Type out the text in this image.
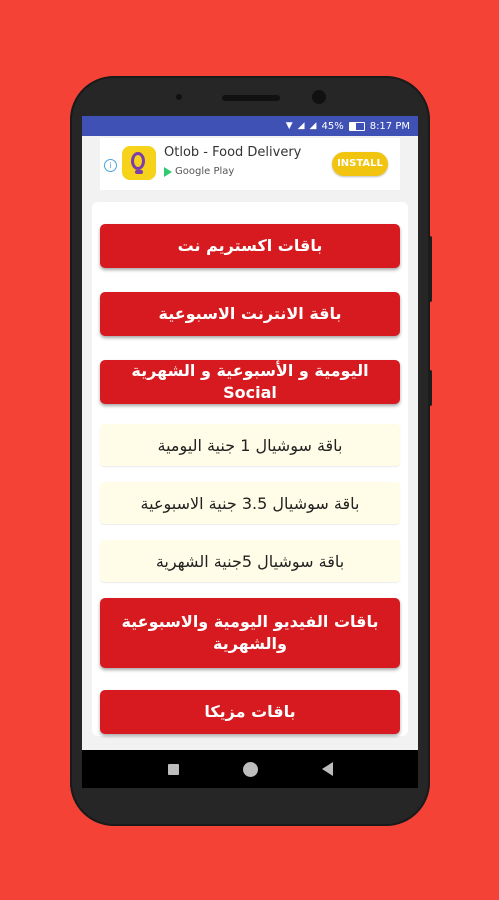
▼ ◢ ◢ 45%	8:17 PM
i
Otlob - Food Delivery
Google Play
INSTALL
باقات اكستريم نت
باقة الانترنت الاسبوعية
اليومية و الأسبوعية و الشهرية Social
باقة سوشيال 1 جنية اليومية
باقة سوشيال 3.5 جنية الاسبوعية
باقة سوشيال 5جنية الشهرية
باقات الفيديو اليومية والاسبوعية والشهرية
باقات مزيكا
